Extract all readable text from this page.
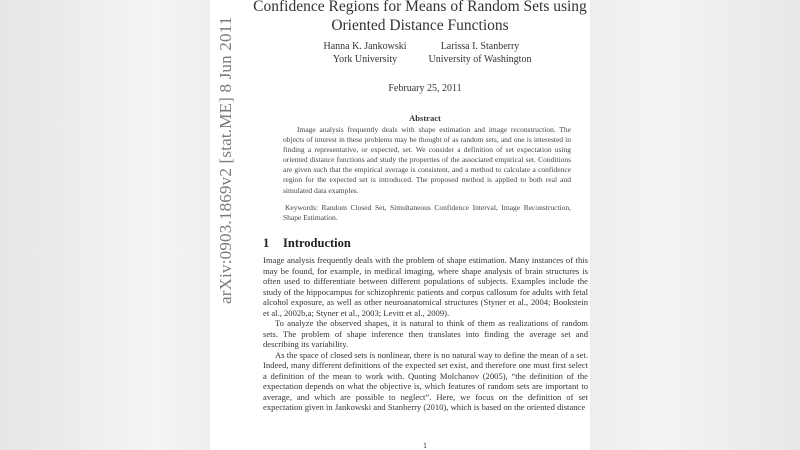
arXiv:0903.1869v2 [stat.ME] 8 Jun 2011
Confidence Regions for Means of Random Sets using Oriented Distance Functions
Hanna K. Jankowski
York University
Larissa I. Stanberry
University of Washington
February 25, 2011
Abstract
Image analysis frequently deals with shape estimation and image reconstruction. The objects of interest in these problems may be thought of as random sets, and one is interested in finding a representative, or expected, set. We consider a definition of set expectation using oriented distance functions and study the properties of the associated empirical set. Conditions are given such that the empirical average is consistent, and a method to calculate a confidence region for the expected set is introduced. The proposed method is applied to both real and simulated data examples.
Keywords: Random Closed Set, Simultaneous Confidence Interval, Image Reconstruction, Shape Estimation.
1 Introduction

Image analysis frequently deals with the problem of shape estimation. Many instances of this may be found, for example, in medical imaging, where shape analysis of brain structures is often used to differentiate between different populations of subjects. Examples include the study of the hippocampus for schizophrenic patients and corpus callosum for adults with fetal alcohol exposure, as well as other neuroanatomical structures (Styner et al., 2004; Bookstein et al., 2002b,a; Styner et al., 2003; Levitt et al., 2009).

To analyze the observed shapes, it is natural to think of them as realizations of random sets. The problem of shape inference then translates into finding the average set and describing its variability.

As the space of closed sets is nonlinear, there is no natural way to define the mean of a set. Indeed, many different definitions of the expected set exist, and therefore one must first select a definition of the mean to work with. Quoting Molchanov (2005), “the definition of the expectation depends on what the objective is, which features of random sets are important to average, and which are possible to neglect”. Here, we focus on the definition of set expectation given in Jankowski and Stanberry (2010), which is based on the oriented distance

1
